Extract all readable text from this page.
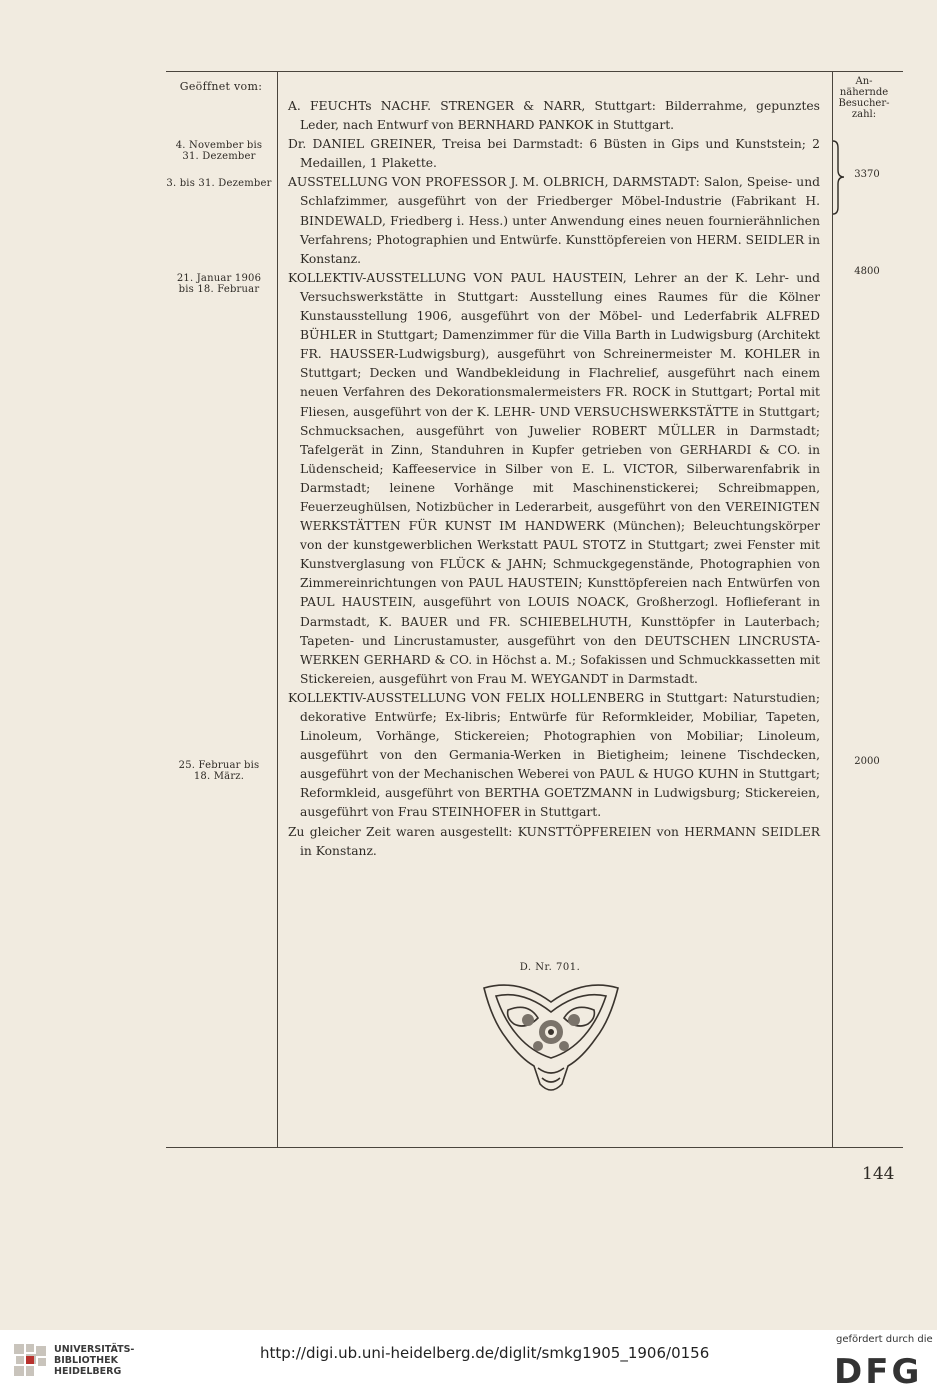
Geöffnet vom:	An-
nähernde
Besucher-
zahl:
4. November bis
31. Dezember
3. bis 31. Dezember
21. Januar 1906
bis 18. Februar
25. Februar bis
18. März.
3370
4800
2000

A. FEUCHTs NACHF. STRENGER & NARR, Stuttgart: Bilderrahme, gepunztes Leder, nach Entwurf von BERNHARD PANKOK in Stuttgart.

Dr. DANIEL GREINER, Treisa bei Darmstadt: 6 Büsten in Gips und Kunststein; 2 Medaillen, 1 Plakette.

AUSSTELLUNG VON PROFESSOR J. M. OLBRICH, DARMSTADT: Salon, Speise- und Schlafzimmer, ausgeführt von der Friedberger Möbel-Industrie (Fabrikant H. BINDEWALD, Friedberg i. Hess.) unter Anwendung eines neuen fournierähnlichen Verfahrens; Photographien und Entwürfe. Kunsttöpfereien von HERM. SEIDLER in Konstanz.

KOLLEKTIV-AUSSTELLUNG VON PAUL HAUSTEIN, Lehrer an der K. Lehr- und Versuchswerkstätte in Stuttgart: Ausstellung eines Raumes für die Kölner Kunstausstellung 1906, ausgeführt von der Möbel- und Lederfabrik ALFRED BÜHLER in Stuttgart; Damenzimmer für die Villa Barth in Ludwigsburg (Architekt FR. HAUSSER-Ludwigsburg), ausgeführt von Schreinermeister M. KOHLER in Stuttgart; Decken und Wandbekleidung in Flachrelief, ausgeführt nach einem neuen Verfahren des Dekorationsmalermeisters FR. ROCK in Stuttgart; Portal mit Fliesen, ausgeführt von der K. LEHR- UND VERSUCHSWERKSTÄTTE in Stuttgart; Schmucksachen, ausgeführt von Juwelier ROBERT MÜLLER in Darmstadt; Tafelgerät in Zinn, Standuhren in Kupfer getrieben von GERHARDI & CO. in Lüdenscheid; Kaffeeservice in Silber von E. L. VICTOR, Silberwarenfabrik in Darmstadt; leinene Vorhänge mit Maschinenstickerei; Schreibmappen, Feuerzeughülsen, Notizbücher in Lederarbeit, ausgeführt von den VEREINIGTEN WERKSTÄTTEN FÜR KUNST IM HANDWERK (München); Beleuchtungskörper von der kunstgewerblichen Werkstatt PAUL STOTZ in Stuttgart; zwei Fenster mit Kunstverglasung von FLÜCK & JAHN; Schmuckgegenstände, Photographien von Zimmereinrichtungen von PAUL HAUSTEIN; Kunsttöpfereien nach Entwürfen von PAUL HAUSTEIN, ausgeführt von LOUIS NOACK, Großherzogl. Hoflieferant in Darmstadt, K. BAUER und FR. SCHIEBELHUTH, Kunsttöpfer in Lauterbach; Tapeten- und Lincrustamuster, ausgeführt von den DEUTSCHEN LINCRUSTA-WERKEN GERHARD & CO. in Höchst a. M.; Sofakissen und Schmuckkassetten mit Stickereien, ausgeführt von Frau M. WEYGANDT in Darmstadt.

KOLLEKTIV-AUSSTELLUNG VON FELIX HOLLENBERG in Stuttgart: Naturstudien; dekorative Entwürfe; Ex-libris; Entwürfe für Reformkleider, Mobiliar, Tapeten, Linoleum, Vorhänge, Stickereien; Photographien von Mobiliar; Linoleum, ausgeführt von den Germania-Werken in Bietigheim; leinene Tischdecken, ausgeführt von der Mechanischen Weberei von PAUL & HUGO KUHN in Stuttgart; Reformkleid, ausgeführt von BERTHA GOETZMANN in Ludwigsburg; Stickereien, ausgeführt von Frau STEINHOFER in Stuttgart.

Zu gleicher Zeit waren ausgestellt: KUNSTTÖPFEREIEN von HERMANN SEIDLER in Konstanz.

D. Nr. 701.
144
UNIVERSITÄTS-
BIBLIOTHEK
HEIDELBERG
http://digi.ub.uni-heidelberg.de/diglit/smkg1905_1906/0156
gefördert durch die
DFG
